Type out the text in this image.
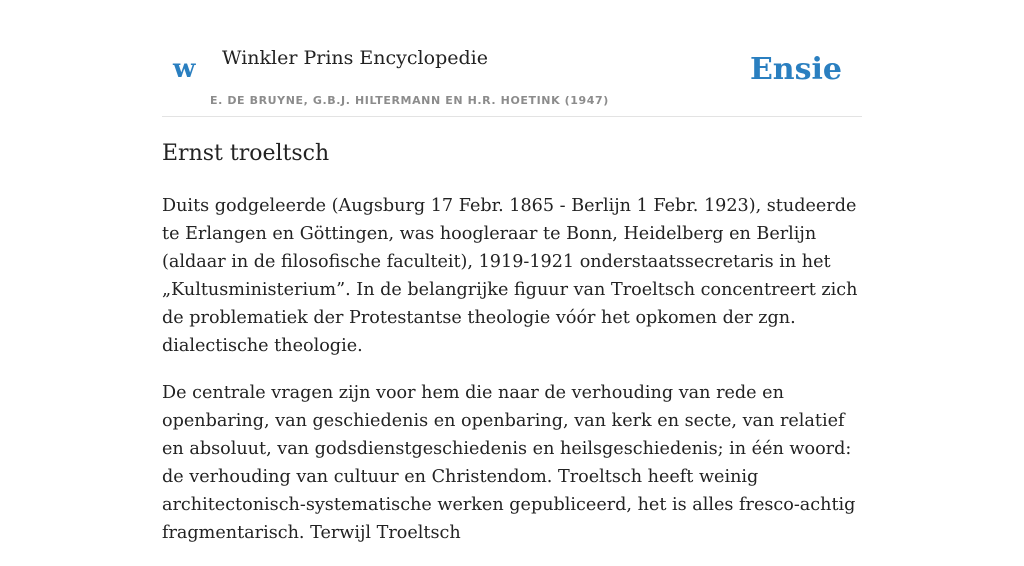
w Winkler Prins Encyclopedie
E. DE BRUYNE, G.B.J. HILTERMANN EN H.R. HOETINK (1947)
Ensie
Ernst troeltsch

Duits godgeleerde (Augsburg 17 Febr. 1865 - Berlijn 1 Febr. 1923), studeerde te Erlangen en Göttingen, was hoogleraar te Bonn, Heidelberg en Berlijn (aldaar in de filosofische faculteit), 1919-1921 onderstaatssecretaris in het „Kultusministerium”. In de belangrijke figuur van Troeltsch concentreert zich de problematiek der Protestantse theologie vóór het opkomen der zgn. dialectische theologie.

De centrale vragen zijn voor hem die naar de verhouding van rede en openbaring, van geschiedenis en openbaring, van kerk en secte, van relatief en absoluut, van godsdienstgeschiedenis en heilsgeschiedenis; in één woord: de verhouding van cultuur en Christendom. Troeltsch heeft weinig architectonisch-systematische werken gepubliceerd, het is alles fresco-achtig fragmentarisch. Terwijl Troeltsch
